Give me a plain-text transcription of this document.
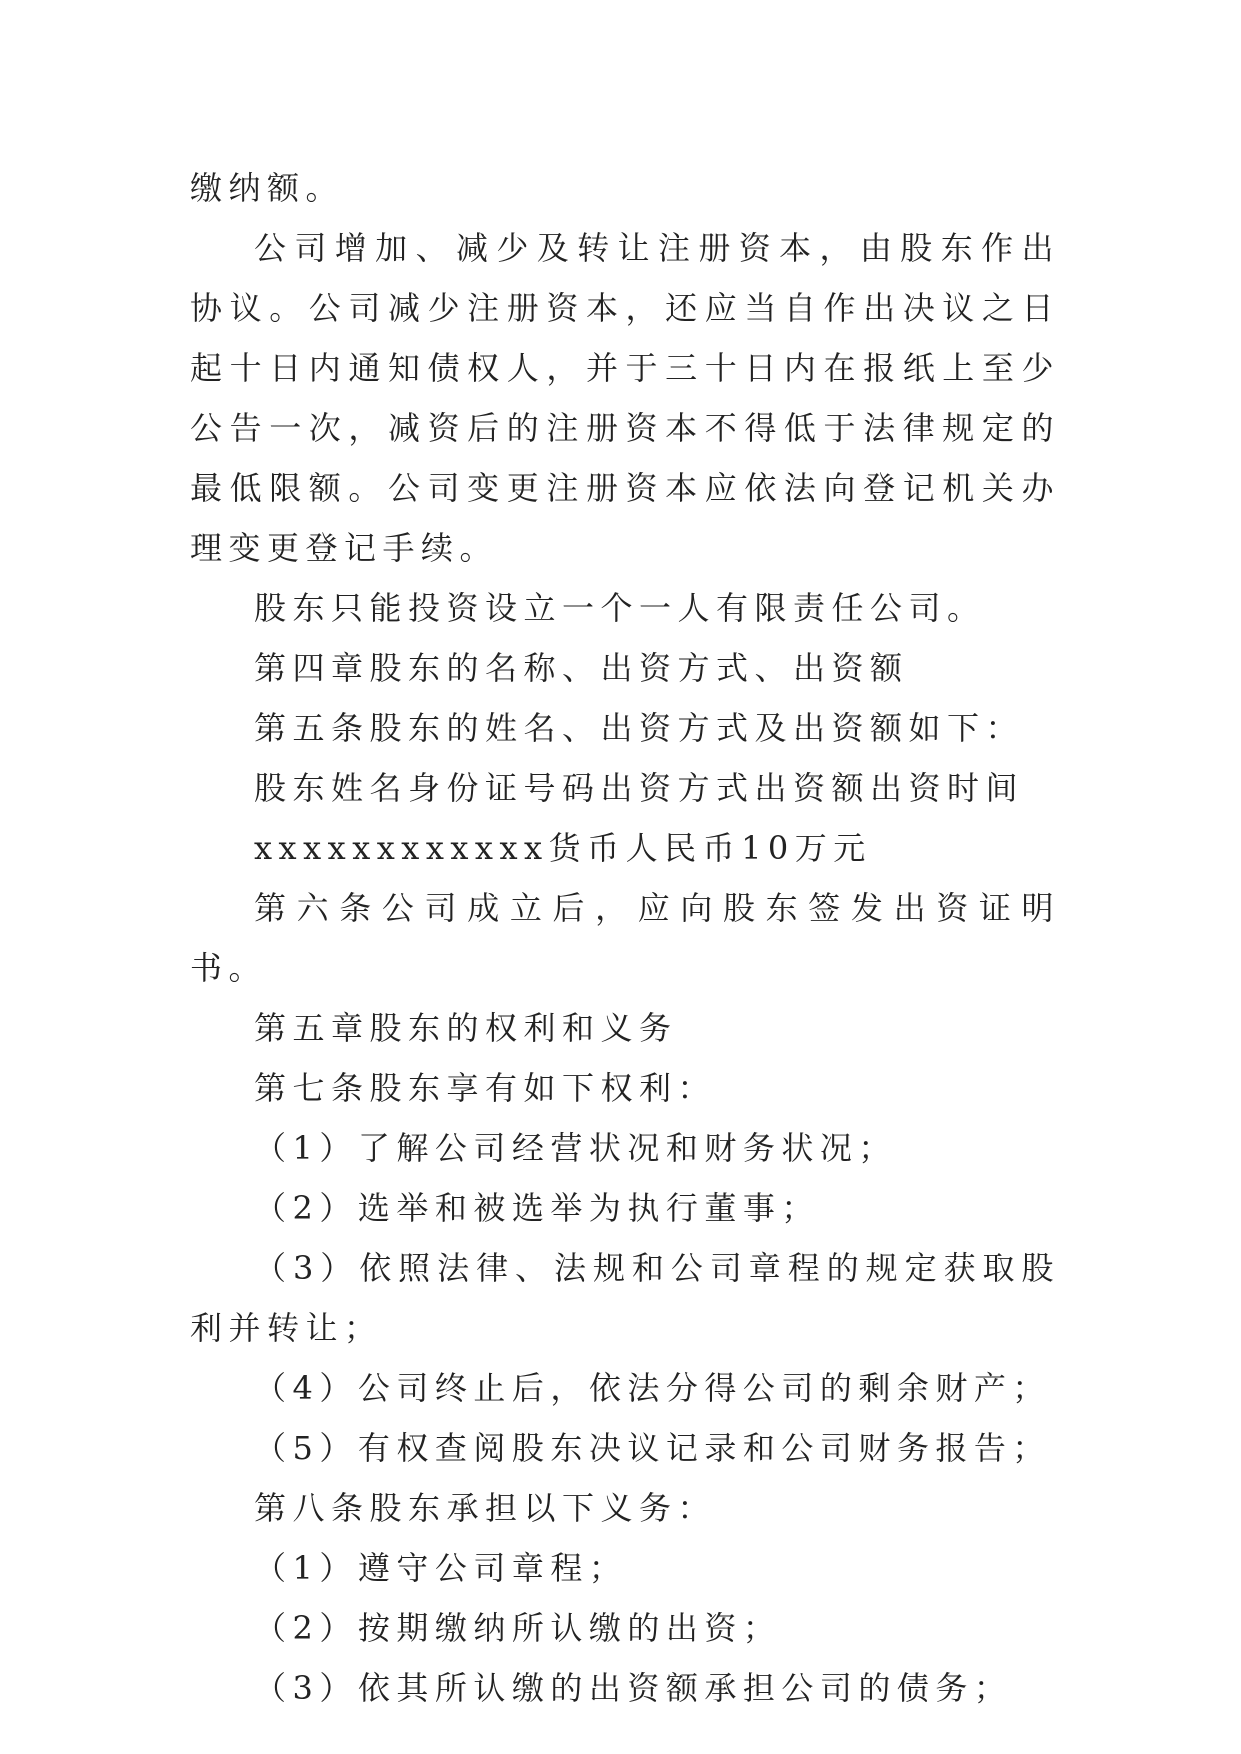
缴纳额。

公司增加、减少及转让注册资本，由股东作出协议。公司减少注册资本，还应当自作出决议之日起十日内通知债权人，并于三十日内在报纸上至少公告一次，减资后的注册资本不得低于法律规定的最低限额。公司变更注册资本应依法向登记机关办理变更登记手续。

股东只能投资设立一个一人有限责任公司。

第四章股东的名称、出资方式、出资额

第五条股东的姓名、出资方式及出资额如下：

股东姓名身份证号码出资方式出资额出资时间

xxxxxxxxxxxx货币人民币10万元

第六条公司成立后，应向股东签发出资证明书。

第五章股东的权利和义务

第七条股东享有如下权利：

（1）了解公司经营状况和财务状况；

（2）选举和被选举为执行董事；

（3）依照法律、法规和公司章程的规定获取股利并转让；

（4）公司终止后，依法分得公司的剩余财产；

（5）有权查阅股东决议记录和公司财务报告；

第八条股东承担以下义务：

（1）遵守公司章程；

（2）按期缴纳所认缴的出资；

（3）依其所认缴的出资额承担公司的债务；
